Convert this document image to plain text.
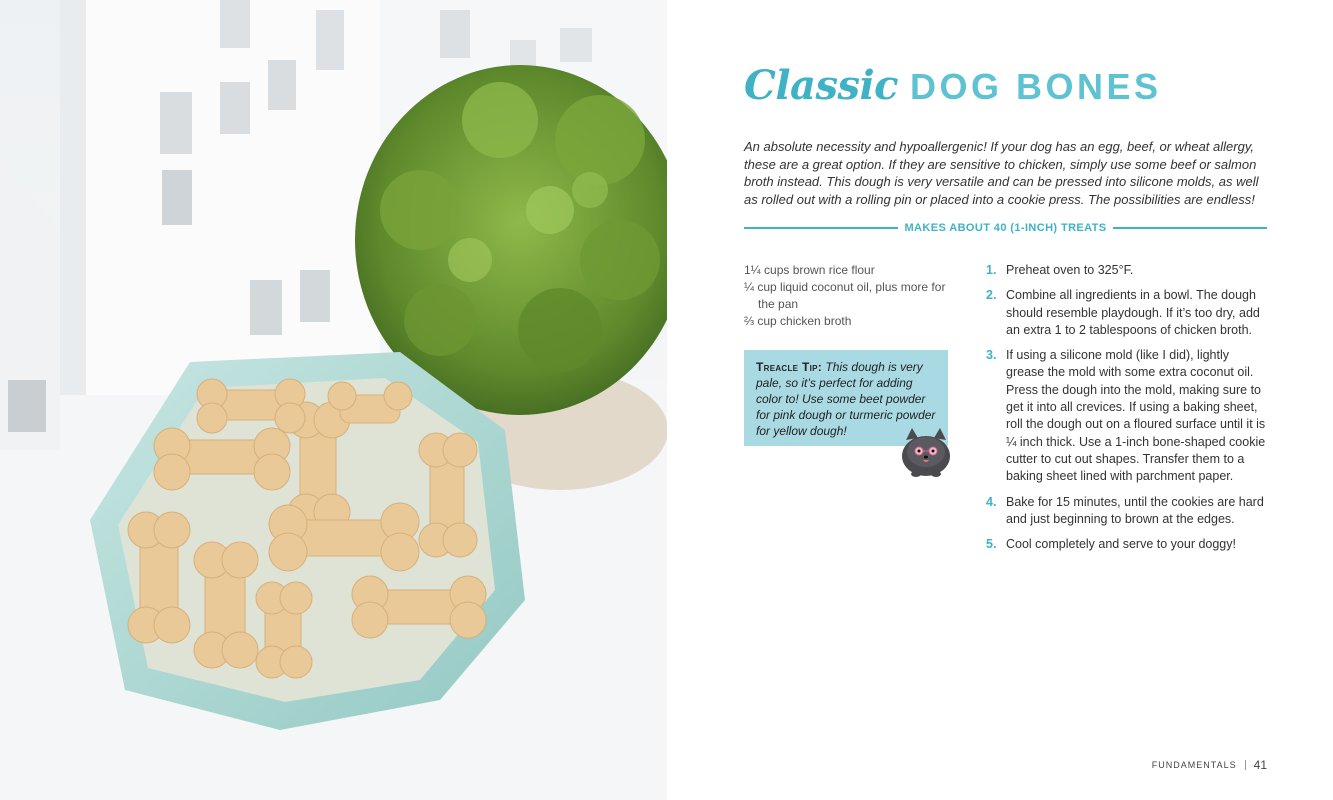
Classic DOG BONES
An absolute necessity and hypoallergenic! If your dog has an egg, beef, or wheat allergy, these are a great option. If they are sensitive to chicken, simply use some beef or salmon broth instead. This dough is very versatile and can be pressed into silicone molds, as well as rolled out with a rolling pin or placed into a cookie press. The possibilities are endless!
MAKES ABOUT 40 (1-INCH) TREATS
1¼ cups brown rice flour
¼ cup liquid coconut oil, plus more for the pan
⅔ cup chicken broth
Treacle Tip: This dough is very pale, so it’s perfect for adding color to! Use some beet powder for pink dough or turmeric powder for yellow dough!
1. Preheat oven to 325°F.
2. Combine all ingredients in a bowl. The dough should resemble playdough. If it’s too dry, add an extra 1 to 2 tablespoons of chicken broth.
3. If using a silicone mold (like I did), lightly grease the mold with some extra coconut oil. Press the dough into the mold, making sure to get it into all crevices. If using a baking sheet, roll the dough out on a floured surface until it is ¼ inch thick. Use a 1-inch bone-shaped cookie cutter to cut out shapes. Transfer them to a baking sheet lined with parchment paper.
4. Bake for 15 minutes, until the cookies are hard and just beginning to brown at the edges.
5. Cool completely and serve to your doggy!
FUNDAMENTALS 41
